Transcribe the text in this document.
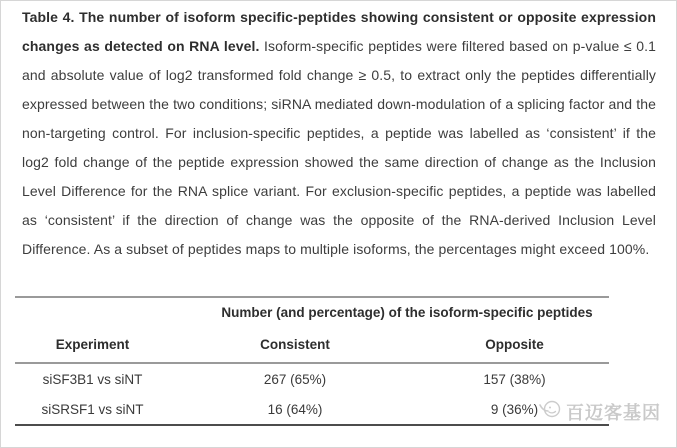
Table 4. The number of isoform specific-peptides showing consistent or opposite expression changes as detected on RNA level. Isoform-specific peptides were filtered based on p-value ≤ 0.1 and absolute value of log2 transformed fold change ≥ 0.5, to extract only the peptides differentially expressed between the two conditions; siRNA mediated down-modulation of a splicing factor and the non-targeting control. For inclusion-specific peptides, a peptide was labelled as ‘consistent’ if the log2 fold change of the peptide expression showed the same direction of change as the Inclusion Level Difference for the RNA splice variant. For exclusion-specific peptides, a peptide was labelled as ‘consistent’ if the direction of change was the opposite of the RNA-derived Inclusion Level Difference. As a subset of peptides maps to multiple isoforms, the percentages might exceed 100%.

Number (and percentage) of the isoform-specific peptides
Experiment	Consistent	Opposite
siSF3B1 vs siNT	267 (65%)	157 (38%)
siSRSF1 vs siNT	16 (64%)	9 (36%)	百迈客基因
